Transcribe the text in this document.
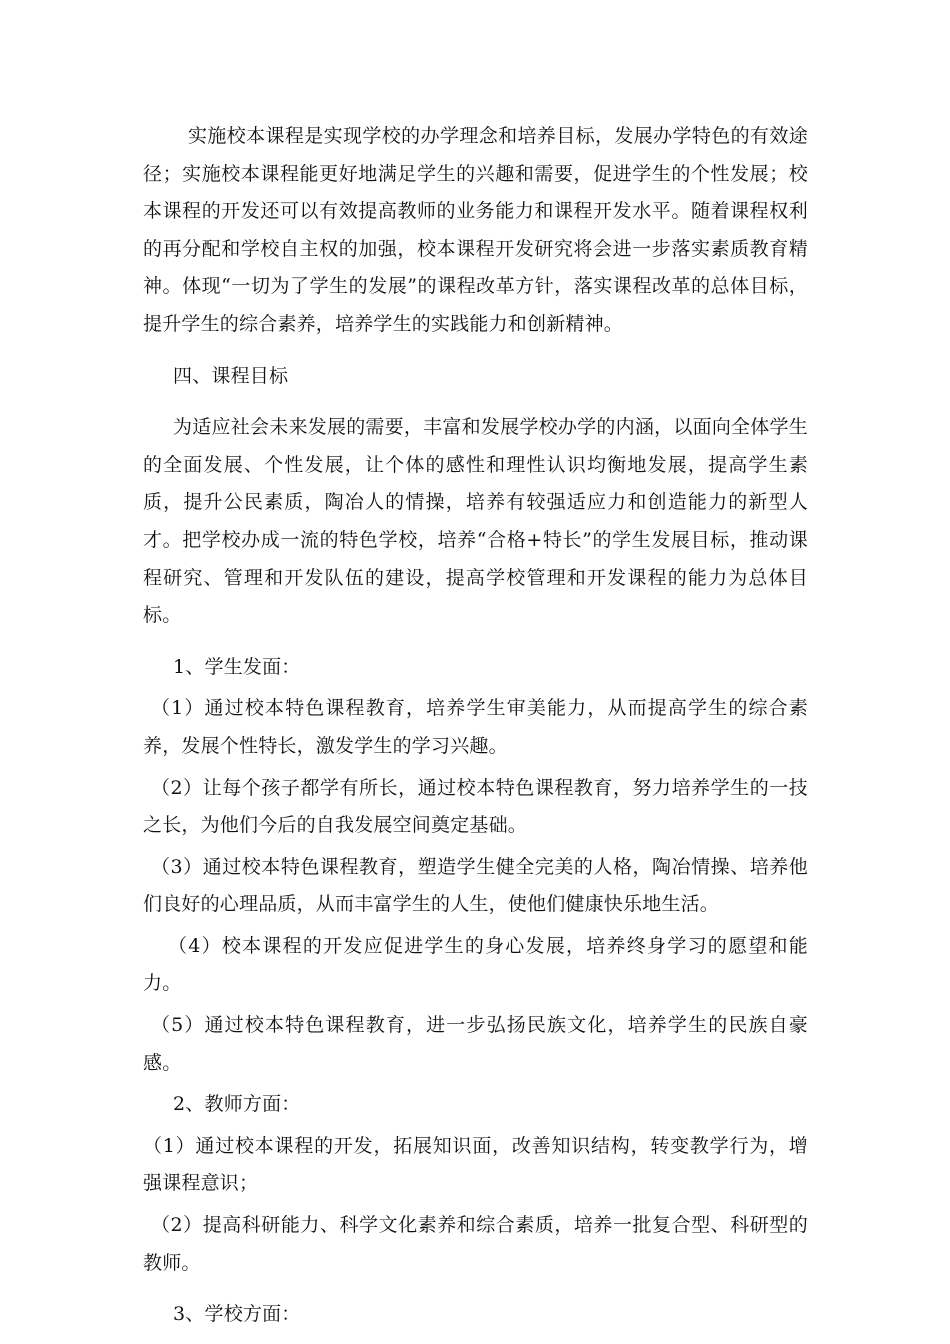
实施校本课程是实现学校的办学理念和培养目标，发展办学特色的有效途径；实施校本课程能更好地满足学生的兴趣和需要，促进学生的个性发展；校本课程的开发还可以有效提高教师的业务能力和课程开发水平。随着课程权利的再分配和学校自主权的加强，校本课程开发研究将会进一步落实素质教育精神。体现“一切为了学生的发展”的课程改革方针，落实课程改革的总体目标，提升学生的综合素养，培养学生的实践能力和创新精神。

四、课程目标

为适应社会未来发展的需要，丰富和发展学校办学的内涵，以面向全体学生的全面发展、个性发展，让个体的感性和理性认识均衡地发展，提高学生素质，提升公民素质，陶冶人的情操，培养有较强适应力和创造能力的新型人才。把学校办成一流的特色学校，培养“合格+特长”的学生发展目标，推动课程研究、管理和开发队伍的建设，提高学校管理和开发课程的能力为总体目标。

1、学生发面：

（1）通过校本特色课程教育，培养学生审美能力，从而提高学生的综合素养，发展个性特长，激发学生的学习兴趣。

（2）让每个孩子都学有所长，通过校本特色课程教育，努力培养学生的一技之长，为他们今后的自我发展空间奠定基础。

（3）通过校本特色课程教育，塑造学生健全完美的人格，陶冶情操、培养他们良好的心理品质，从而丰富学生的人生，使他们健康快乐地生活。

（4）校本课程的开发应促进学生的身心发展，培养终身学习的愿望和能力。

（5）通过校本特色课程教育，进一步弘扬民族文化，培养学生的民族自豪感。

2、教师方面：

（1）通过校本课程的开发，拓展知识面，改善知识结构，转变教学行为，增强课程意识；

（2）提高科研能力、科学文化素养和综合素质，培养一批复合型、科研型的教师。

3、学校方面：
